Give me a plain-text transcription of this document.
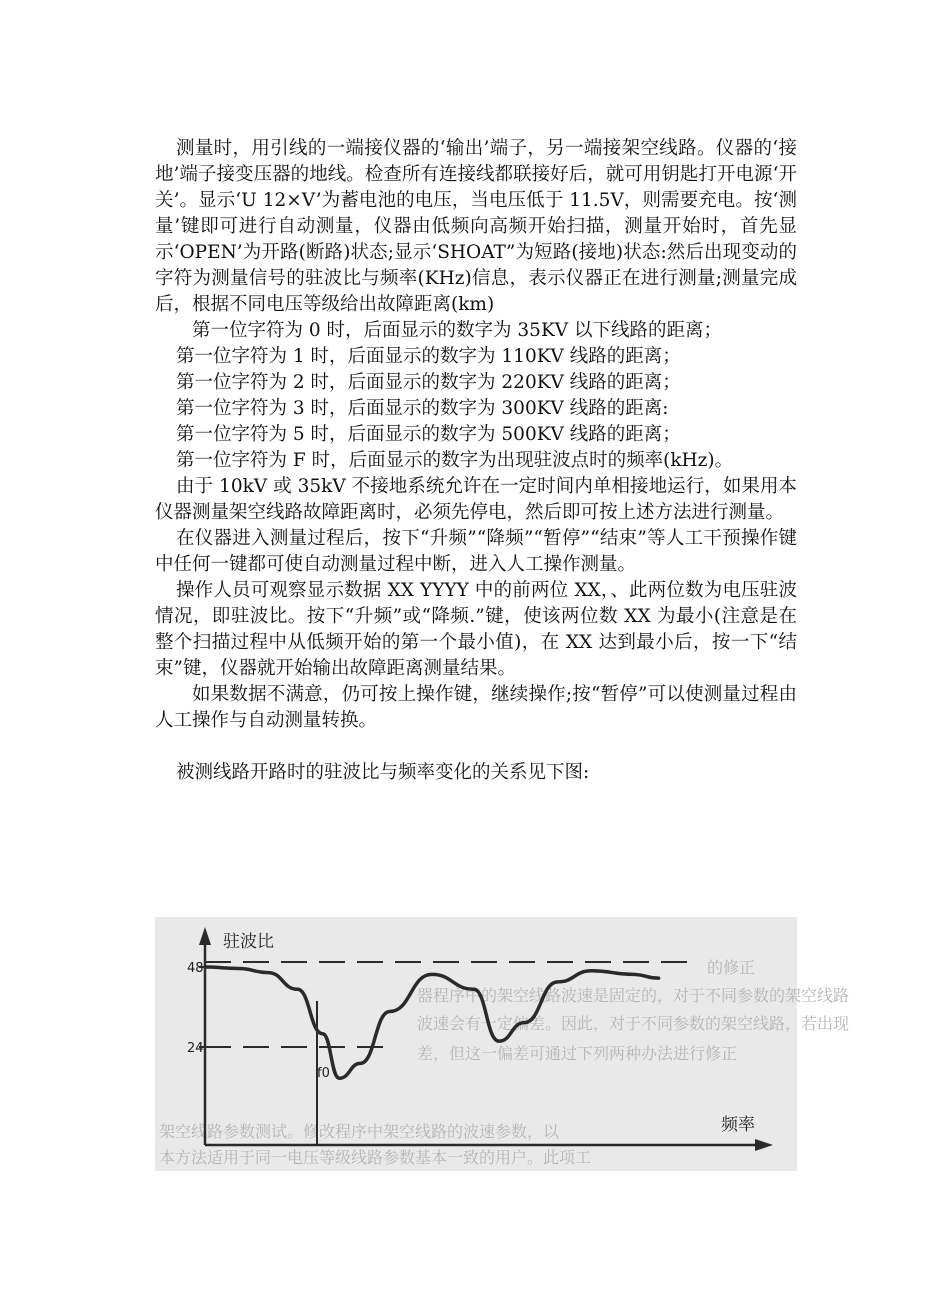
测量时，用引线的一端接仪器的‘输出’端子，另一端接架空线路。仪器的‘接地’端子接变压器的地线。检查所有连接线都联接好后，就可用钥匙打开电源‘开关’。显示‘U 12×V’为蓄电池的电压，当电压低于 11.5V，则需要充电。按‘测量’键即可进行自动测量，仪器由低频向高频开始扫描，测量开始时，首先显示‘OPEN’为开路(断路)状态;显示‘SHOAT”为短路(接地)状态:然后出现变动的字符为测量信号的驻波比与频率(KHz)信息，表示仪器正在进行测量;测量完成后，根据不同电压等级给出故障距离(km)

第一位字符为 0 时，后面显示的数字为 35KV 以下线路的距离；

第一位字符为 1 时，后面显示的数字为 110KV 线路的距离；

第一位字符为 2 时，后面显示的数字为 220KV 线路的距离；

第一位字符为 3 时，后面显示的数字为 300KV 线路的距离:

第一位字符为 5 时，后面显示的数字为 500KV 线路的距离；

第一位字符为 F 时，后面显示的数字为出现驻波点时的频率(kHz)。

由于 10kV 或 35kV 不接地系统允许在一定时间内单相接地运行，如果用本仪器测量架空线路故障距离时，必须先停电，然后即可按上述方法进行测量。

在仪器进入测量过程后，按下“升频”“降频”“暂停”“结束”等人工干预操作键中任何一键都可使自动测量过程中断，进入人工操作测量。

操作人员可观察显示数据 XX YYYY 中的前两位 XX，、此两位数为电压驻波情况，即驻波比。按下“升频”或“降频.”键，使该两位数 XX 为最小(注意是在整个扫描过程中从低频开始的第一个最小值)，在 XX 达到最小后，按一下“结束”键，仪器就开始输出故障距离测量结果。

如果数据不满意，仍可按上操作键，继续操作;按“暂停”可以使测量过程由人工操作与自动测量转换。

被测线路开路时的驻波比与频率变化的关系见下图:

的修正
器程序中的架空线路波速是固定的，对于不同参数的架空线路
波速会有一定偏差。因此，对于不同参数的架空线路，若出现
差，但这一偏差可通过下列两种办法进行修正
架空线路参数测试。修改程序中架空线路的波速参数，以
本方法适用于同一电压等级线路参数基本一致的用户。此项工
驻波比
频率
48
24
f0
